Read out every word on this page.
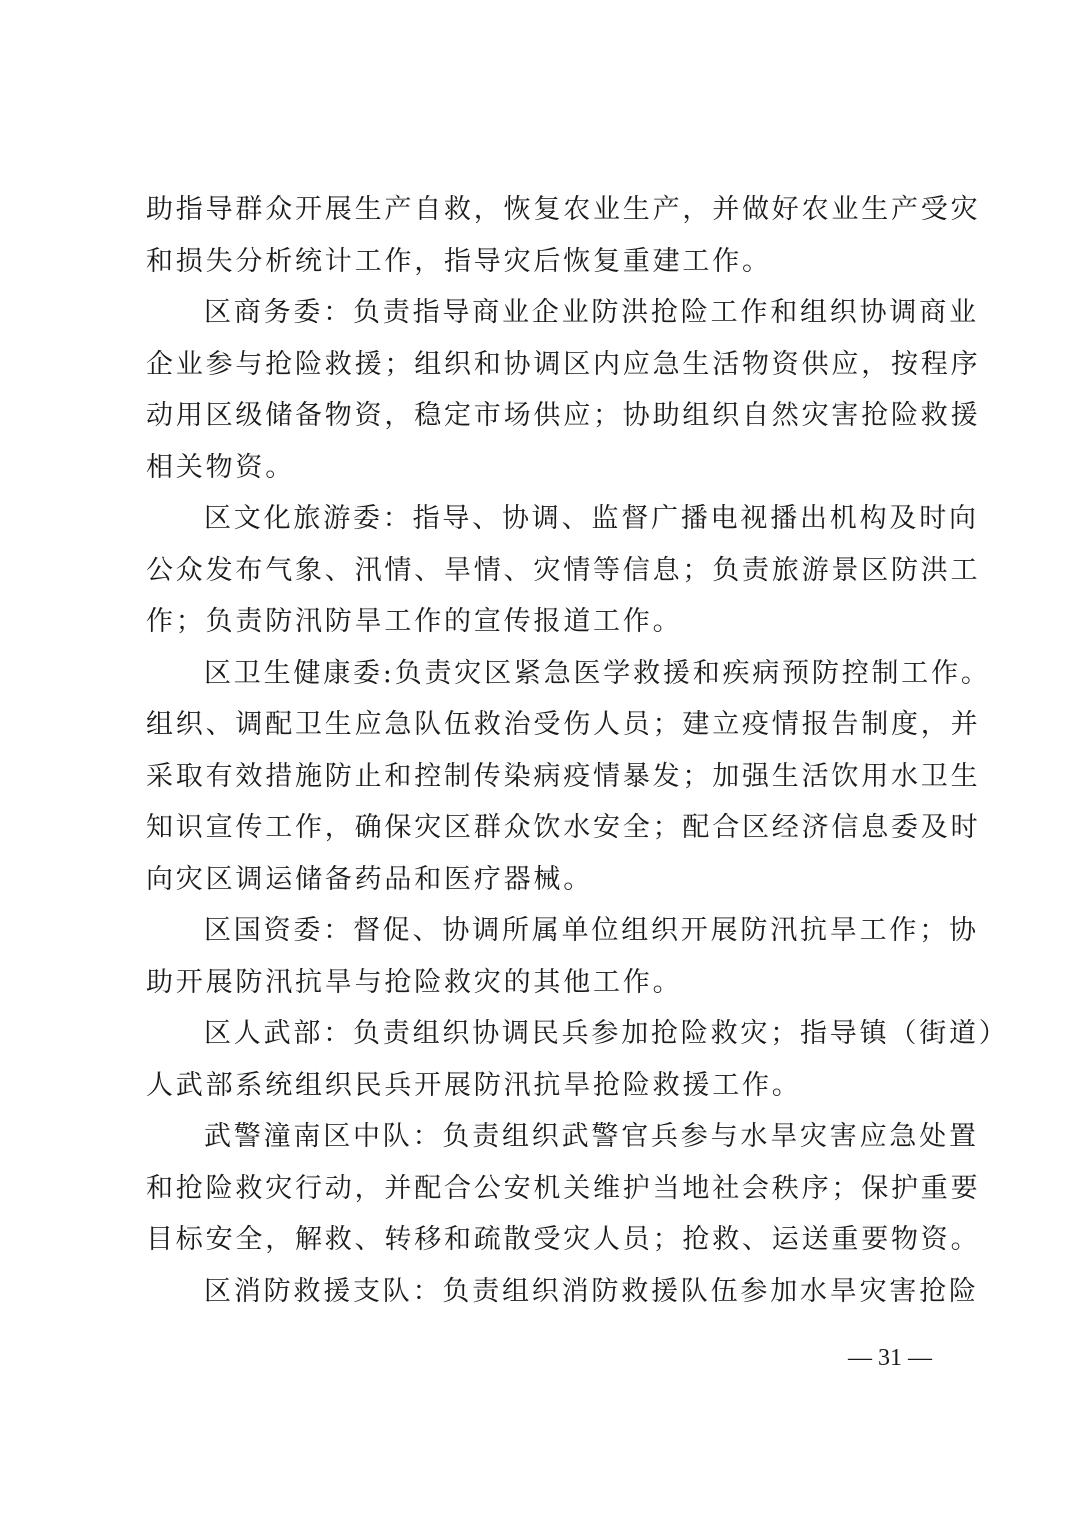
助指导群众开展生产自救，恢复农业生产，并做好农业生产受灾
和损失分析统计工作，指导灾后恢复重建工作。
区商务委：负责指导商业企业防洪抢险工作和组织协调商业
企业参与抢险救援；组织和协调区内应急生活物资供应，按程序
动用区级储备物资，稳定市场供应；协助组织自然灾害抢险救援
相关物资。
区文化旅游委：指导、协调、监督广播电视播出机构及时向
公众发布气象、汛情、旱情、灾情等信息；负责旅游景区防洪工
作；负责防汛防旱工作的宣传报道工作。
区卫生健康委:负责灾区紧急医学救援和疾病预防控制工作。
组织、调配卫生应急队伍救治受伤人员；建立疫情报告制度，并
采取有效措施防止和控制传染病疫情暴发；加强生活饮用水卫生
知识宣传工作，确保灾区群众饮水安全；配合区经济信息委及时
向灾区调运储备药品和医疗器械。
区国资委：督促、协调所属单位组织开展防汛抗旱工作；协
助开展防汛抗旱与抢险救灾的其他工作。
区人武部：负责组织协调民兵参加抢险救灾；指导镇（街道）
人武部系统组织民兵开展防汛抗旱抢险救援工作。
武警潼南区中队：负责组织武警官兵参与水旱灾害应急处置
和抢险救灾行动，并配合公安机关维护当地社会秩序；保护重要
目标安全，解救、转移和疏散受灾人员；抢救、运送重要物资。
区消防救援支队：负责组织消防救援队伍参加水旱灾害抢险
— 31 —
